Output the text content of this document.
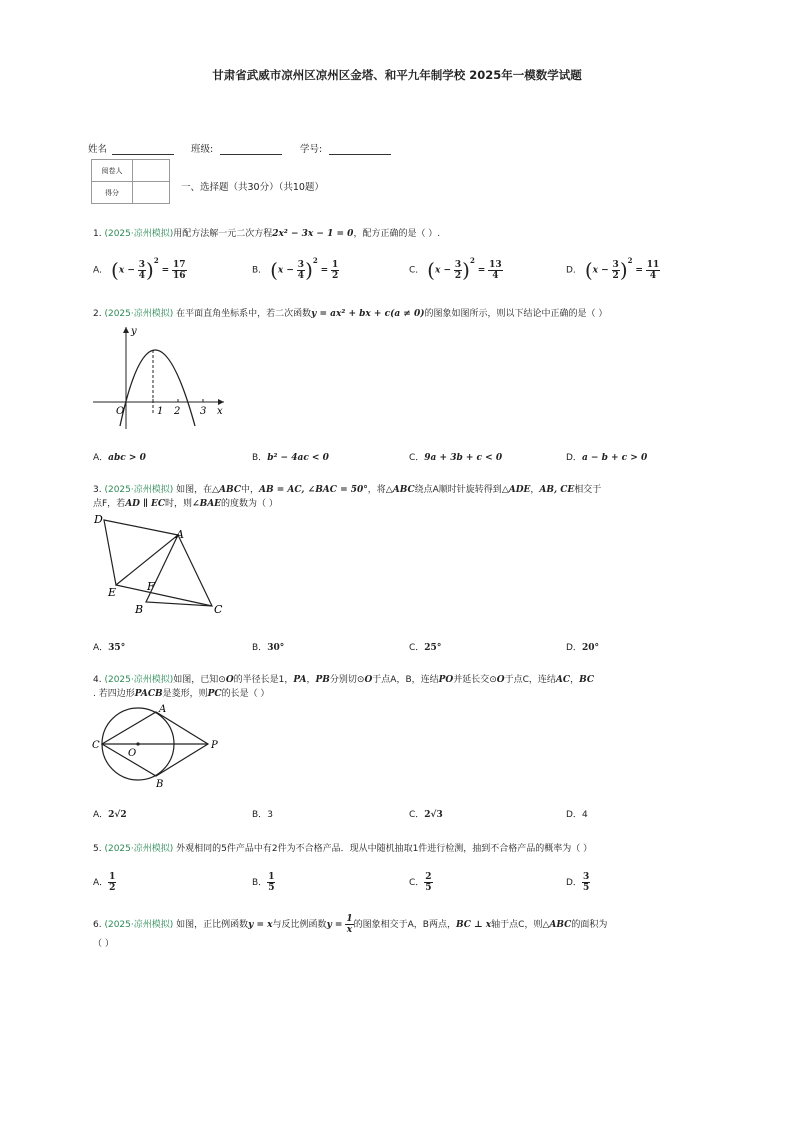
甘肃省武威市凉州区凉州区金塔、和平九年制学校 2025年一模数学试题
姓名	班级:	学号:
阅卷人	
得分		一、选择题（共30分）（共10题）
1. (2025·凉州模拟)用配方法解一元二次方程2x² − 3x − 1 = 0，配方正确的是（ ）.
A． $(x - \frac{3}{4} )^2 = \frac{17}{16}$	B． $(x - \frac{3}{4} )^2 = \frac{1}{2}$	C． $(x - \frac{3}{2} )^2 = \frac{13}{4}$	D． $(x - \frac{3}{2} )^2 = \frac{11}{4}$
2. (2025·凉州模拟) 在平面直角坐标系中，若二次函数y = ax² + bx + c(a ≠ 0)的图象如图所示，则以下结论中正确的是（ ）
y
x
O	1 2 3
A．abc > 0	B．b² − 4ac < 0	C．9a + 3b + c < 0	D．a − b + c > 0
3. (2025·凉州模拟) 如图，在△ABC中，AB = AC, ∠BAC = 50°，将△ABC绕点A顺时针旋转得到△ADE，AB, CE相交于
点F，若AD ∥ EC时，则∠BAE的度数为（ ）
D
A
E	F
B	C
A．35°	B．30°	C．25°	D．20°
4. (2025·凉州模拟)如图，已知⊙O的半径长是1，PA，PB分别切⊙O于点A，B，连结PO并延长交⊙O于点C，连结AC，BC
. 若四边形PACB是菱形，则PC的长是（ ）
A
C
O
P
B
A．2√2	B．3	C．2√3	D．4
5. (2025·凉州模拟) 外观相同的5件产品中有2件为不合格产品．现从中随机抽取1件进行检测，抽到不合格产品的概率为（ ）
A． $\frac{1}{2}$	B． $\frac{1}{5}$	C． $\frac{2}{5}$	D． $\frac{3}{5}$
6. (2025·凉州模拟) 如图，正比例函数y = x与反比例函数$y = \frac{1}{x}$ 的图象相交于A，B两点，BC ⊥ x轴于点C，则△ABC的面积为
（ ）
